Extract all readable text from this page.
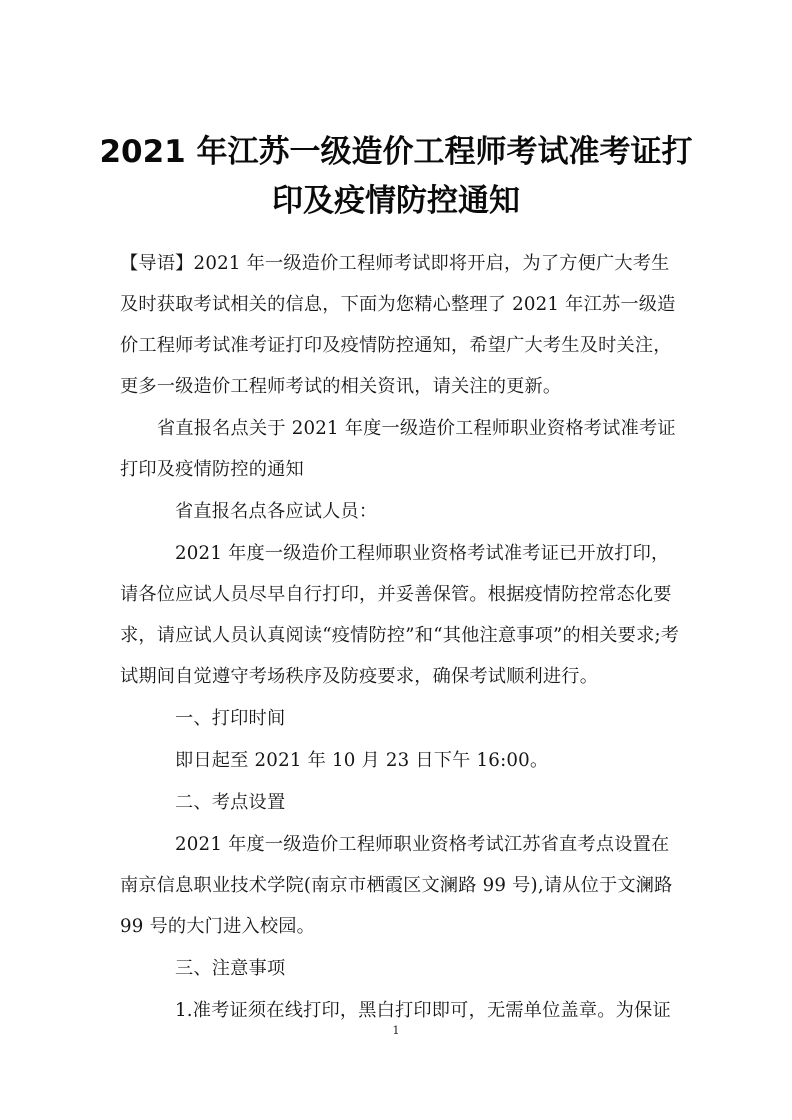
2021 年江苏一级造价工程师考试准考证打
印及疫情防控通知
【导语】2021 年一级造价工程师考试即将开启，为了方便广大考生
及时获取考试相关的信息，下面为您精心整理了 2021 年江苏一级造
价工程师考试准考证打印及疫情防控通知，希望广大考生及时关注，
更多一级造价工程师考试的相关资讯，请关注的更新。
省直报名点关于 2021 年度一级造价工程师职业资格考试准考证
打印及疫情防控的通知
省直报名点各应试人员：
2021 年度一级造价工程师职业资格考试准考证已开放打印，
请各位应试人员尽早自行打印，并妥善保管。根据疫情防控常态化要
求，请应试人员认真阅读“疫情防控”和“其他注意事项”的相关要求;考
试期间自觉遵守考场秩序及防疫要求，确保考试顺利进行。
一、打印时间
即日起至 2021 年 10 月 23 日下午 16:00。
二、考点设置
2021 年度一级造价工程师职业资格考试江苏省直考点设置在
南京信息职业技术学院(南京市栖霞区文澜路 99 号),请从位于文澜路
99 号的大门进入校园。
三、注意事项
1.准考证须在线打印，黑白打印即可，无需单位盖章。为保证
1
